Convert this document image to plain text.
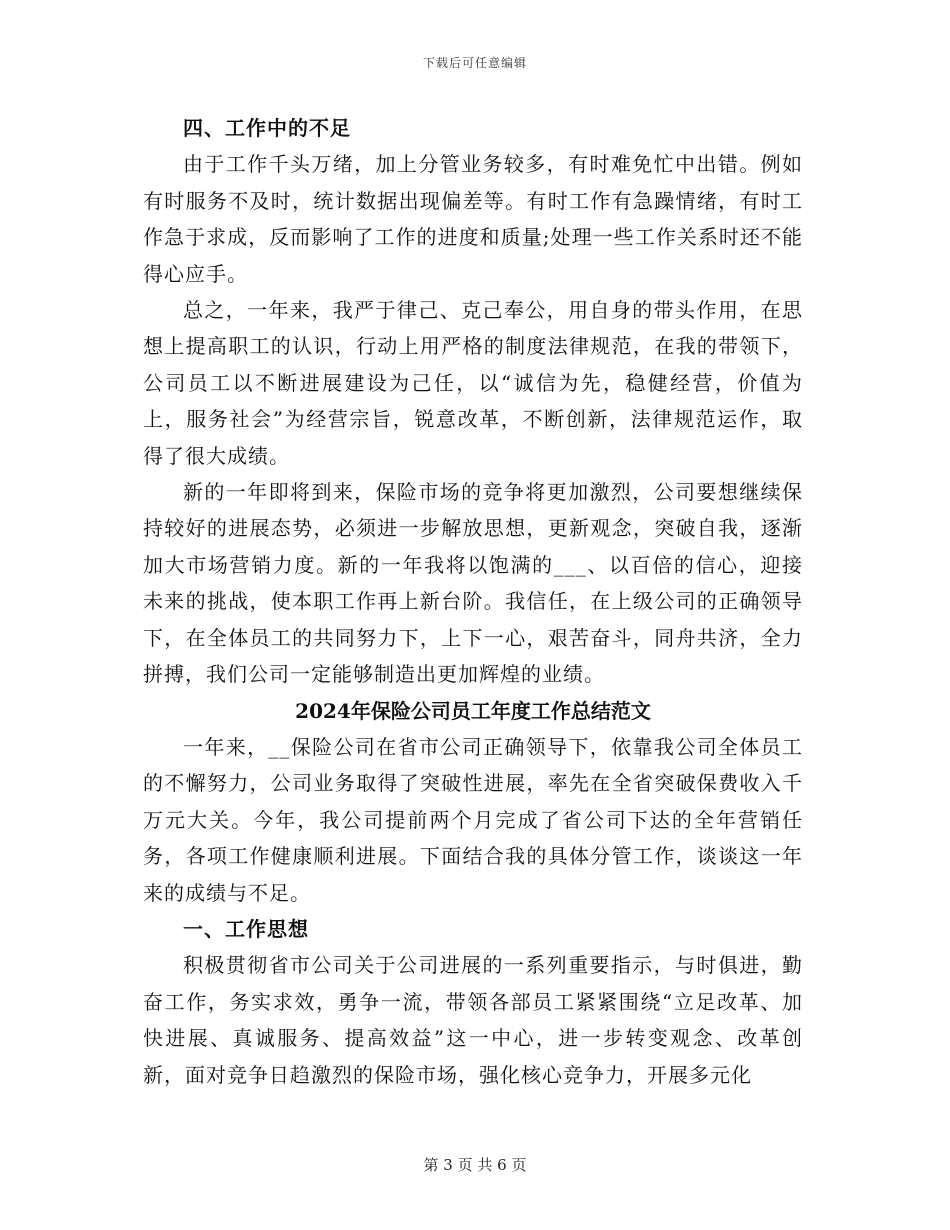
下载后可任意编辑
四、工作中的不足

由于工作千头万绪，加上分管业务较多，有时难免忙中出错。例如有时服务不及时，统计数据出现偏差等。有时工作有急躁情绪，有时工作急于求成，反而影响了工作的进度和质量;处理一些工作关系时还不能得心应手。

总之，一年来，我严于律己、克己奉公，用自身的带头作用，在思想上提高职工的认识，行动上用严格的制度法律规范，在我的带领下，公司员工以不断进展建设为己任，以“诚信为先，稳健经营，价值为上，服务社会”为经营宗旨，锐意改革，不断创新，法律规范运作，取得了很大成绩。

新的一年即将到来，保险市场的竞争将更加激烈，公司要想继续保持较好的进展态势，必须进一步解放思想，更新观念，突破自我，逐渐加大市场营销力度。新的一年我将以饱满的___、以百倍的信心，迎接未来的挑战，使本职工作再上新台阶。我信任，在上级公司的正确领导下，在全体员工的共同努力下，上下一心，艰苦奋斗，同舟共济，全力拼搏，我们公司一定能够制造出更加辉煌的业绩。

2024年保险公司员工年度工作总结范文

一年来，__保险公司在省市公司正确领导下，依靠我公司全体员工的不懈努力，公司业务取得了突破性进展，率先在全省突破保费收入千万元大关。今年，我公司提前两个月完成了省公司下达的全年营销任务，各项工作健康顺利进展。下面结合我的具体分管工作，谈谈这一年来的成绩与不足。

一、工作思想

积极贯彻省市公司关于公司进展的一系列重要指示，与时俱进，勤奋工作，务实求效，勇争一流，带领各部员工紧紧围绕“立足改革、加快进展、真诚服务、提高效益”这一中心，进一步转变观念、改革创新，面对竞争日趋激烈的保险市场，强化核心竞争力，开展多元化

第 3 页 共 6 页
